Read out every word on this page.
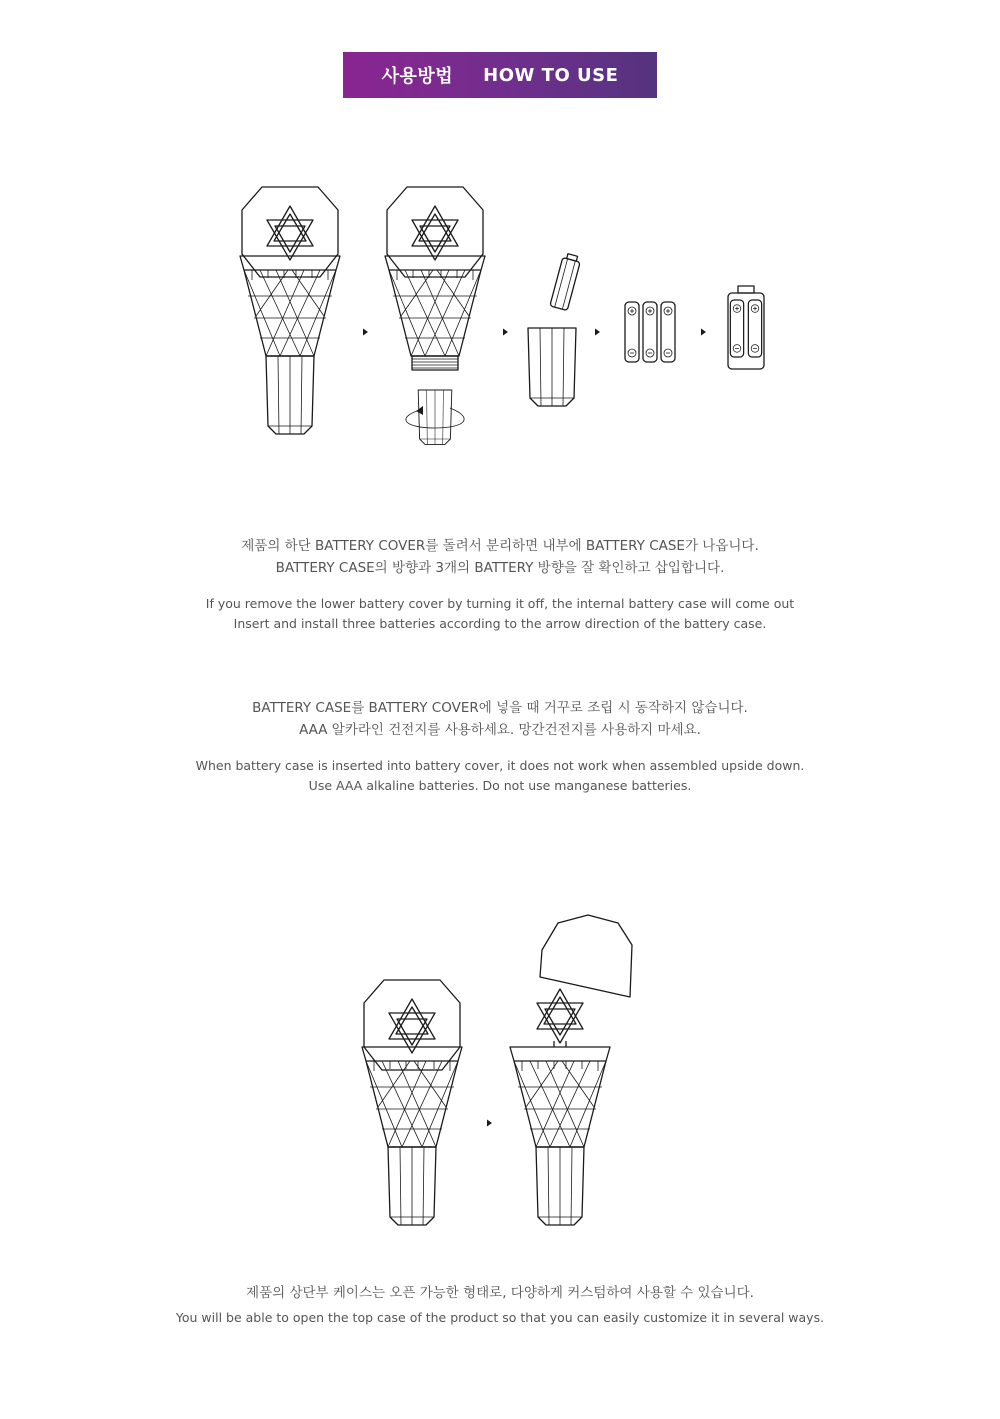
사용방법 HOW TO USE
제품의 하단 BATTERY COVER를 돌려서 분리하면 내부에 BATTERY CASE가 나옵니다.
BATTERY CASE의 방향과 3개의 BATTERY 방향을 잘 확인하고 삽입합니다.
If you remove the lower battery cover by turning it off, the internal battery case will come out
Insert and install three batteries according to the arrow direction of the battery case.
BATTERY CASE를 BATTERY COVER에 넣을 때 거꾸로 조립 시 동작하지 않습니다.
AAA 알카라인 건전지를 사용하세요. 망간건전지를 사용하지 마세요.
When battery case is inserted into battery cover, it does not work when assembled upside down.
Use AAA alkaline batteries. Do not use manganese batteries.
제품의 상단부 케이스는 오픈 가능한 형태로, 다양하게 커스텀하여 사용할 수 있습니다.
You will be able to open the top case of the product so that you can easily customize it in several ways.
